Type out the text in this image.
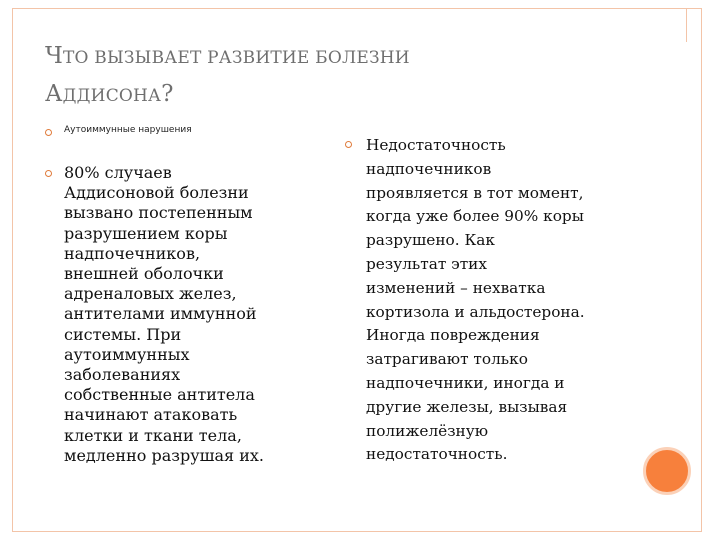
ЧТО ВЫЗЫВАЕТ РАЗВИТИЕ БОЛЕЗНИ
АДДИСОНА?
Аутоиммунные нарушения
80% случаев
Аддисоновой болезни
вызвано постепенным
разрушением коры
надпочечников,
внешней оболочки
адреналовых желез,
антителами иммунной
системы. При
аутоиммунных
заболеваниях
собственные антитела
начинают атаковать
клетки и ткани тела,
медленно разрушая их.
Недостаточность
надпочечников
проявляется в тот момент,
когда уже более 90% коры
разрушено. Как
результат этих
изменений – нехватка
кортизола и альдостерона.
Иногда повреждения
затрагивают только
надпочечники, иногда и
другие железы, вызывая
полижелёзную
недостаточность.
